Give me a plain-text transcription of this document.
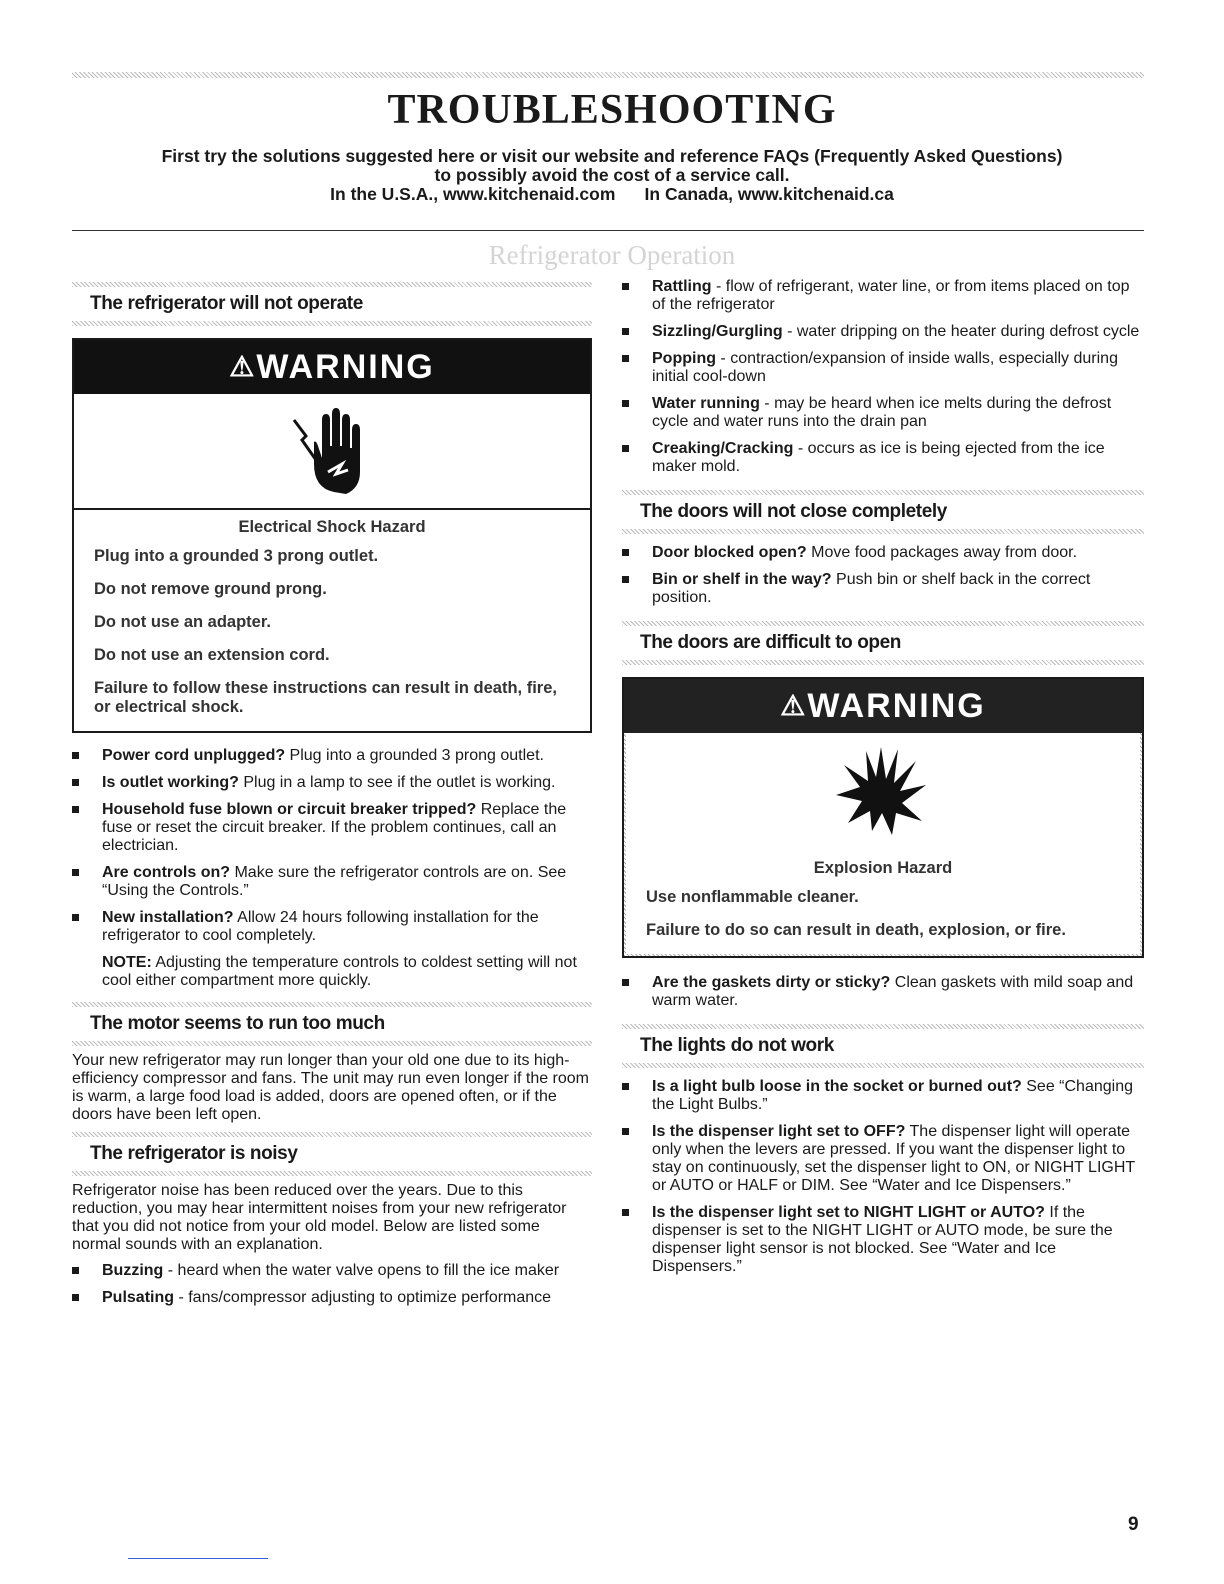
TROUBLESHOOTING
First try the solutions suggested here or visit our website and reference FAQs (Frequently Asked Questions)
to possibly avoid the cost of a service call.
In the U.S.A., www.kitchenaid.com      In Canada, www.kitchenaid.ca
Refrigerator Operation
The refrigerator will not operate
⚠WARNING
Electrical Shock Hazard
Plug into a grounded 3 prong outlet.
Do not remove ground prong.
Do not use an adapter.
Do not use an extension cord.
Failure to follow these instructions can result in death, fire, or electrical shock.
Power cord unplugged? Plug into a grounded 3 prong outlet.
Is outlet working? Plug in a lamp to see if the outlet is working.
Household fuse blown or circuit breaker tripped? Replace the fuse or reset the circuit breaker. If the problem continues, call an electrician.
Are controls on? Make sure the refrigerator controls are on. See “Using the Controls.”
New installation? Allow 24 hours following installation for the refrigerator to cool completely.
NOTE: Adjusting the temperature controls to coldest setting will not cool either compartment more quickly.
The motor seems to run too much

Your new refrigerator may run longer than your old one due to its high-efficiency compressor and fans. The unit may run even longer if the room is warm, a large food load is added, doors are opened often, or if the doors have been left open.

The refrigerator is noisy

Refrigerator noise has been reduced over the years. Due to this reduction, you may hear intermittent noises from your new refrigerator that you did not notice from your old model. Below are listed some normal sounds with an explanation.

Buzzing - heard when the water valve opens to fill the ice maker
Pulsating - fans/compressor adjusting to optimize performance
Rattling - flow of refrigerant, water line, or from items placed on top of the refrigerator
Sizzling/Gurgling - water dripping on the heater during defrost cycle
Popping - contraction/expansion of inside walls, especially during initial cool-down
Water running - may be heard when ice melts during the defrost cycle and water runs into the drain pan
Creaking/Cracking - occurs as ice is being ejected from the ice maker mold.
The doors will not close completely
Door blocked open? Move food packages away from door.
Bin or shelf in the way? Push bin or shelf back in the correct position.
The doors are difficult to open
⚠WARNING
Explosion Hazard
Use nonflammable cleaner.
Failure to do so can result in death, explosion, or fire.
Are the gaskets dirty or sticky? Clean gaskets with mild soap and warm water.
The lights do not work
Is a light bulb loose in the socket or burned out? See “Changing the Light Bulbs.”
Is the dispenser light set to OFF? The dispenser light will operate only when the levers are pressed. If you want the dispenser light to stay on continuously, set the dispenser light to ON, or NIGHT LIGHT or AUTO or HALF or DIM. See “Water and Ice Dispensers.”
Is the dispenser light set to NIGHT LIGHT or AUTO? If the dispenser is set to the NIGHT LIGHT or AUTO mode, be sure the dispenser light sensor is not blocked. See “Water and Ice Dispensers.”
9
